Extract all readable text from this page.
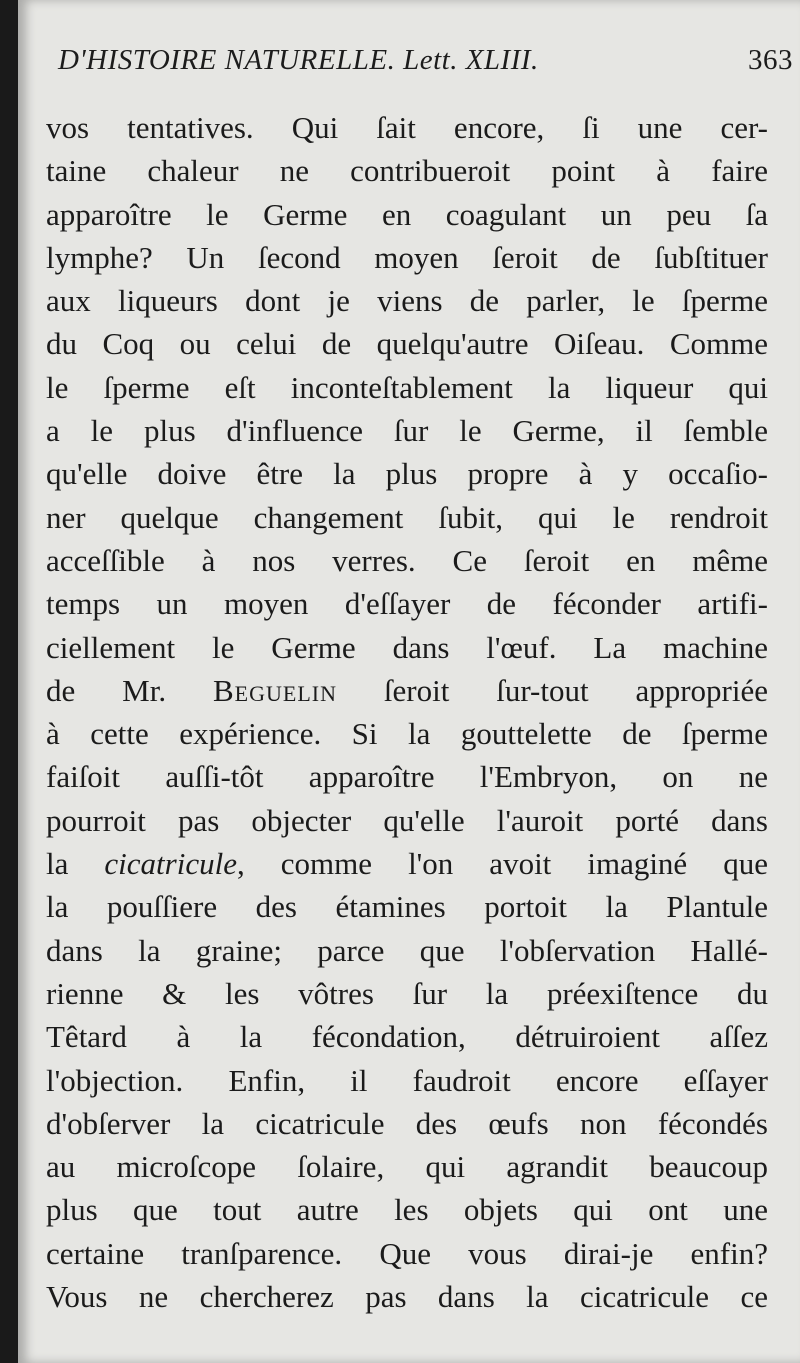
D'HISTOIRE NATURELLE. Lett. XLIII.	363
vos tentatives. Qui ſait encore, ſi une cer-
taine chaleur ne contribueroit point à faire
apparoître le Germe en coagulant un peu ſa
lymphe? Un ſecond moyen ſeroit de ſubſtituer
aux liqueurs dont je viens de parler, le ſperme
du Coq ou celui de quelqu'autre Oiſeau. Comme
le ſperme eſt inconteſtablement la liqueur qui
a le plus d'influence ſur le Germe, il ſemble
qu'elle doive être la plus propre à y occaſio-
ner quelque changement ſubit, qui le rendroit
acceſſible à nos verres. Ce ſeroit en même
temps un moyen d'eſſayer de féconder artifi-
ciellement le Germe dans l'œuf. La machine
de Mr. Beguelin ſeroit ſur-tout appropriée
à cette expérience. Si la gouttelette de ſperme
faiſoit auſſi-tôt apparoître l'Embryon, on ne
pourroit pas objecter qu'elle l'auroit porté dans
la cicatricule, comme l'on avoit imaginé que
la pouſſiere des étamines portoit la Plantule
dans la graine; parce que l'obſervation Hallé-
rienne & les vôtres ſur la préexiſtence du
Têtard à la fécondation, détruiroient aſſez
l'objection. Enfin, il faudroit encore eſſayer
d'obſerver la cicatricule des œufs non fécondés
au microſcope ſolaire, qui agrandit beaucoup
plus que tout autre les objets qui ont une
certaine tranſparence. Que vous dirai-je enfin?
Vous ne chercherez pas dans la cicatricule ce
